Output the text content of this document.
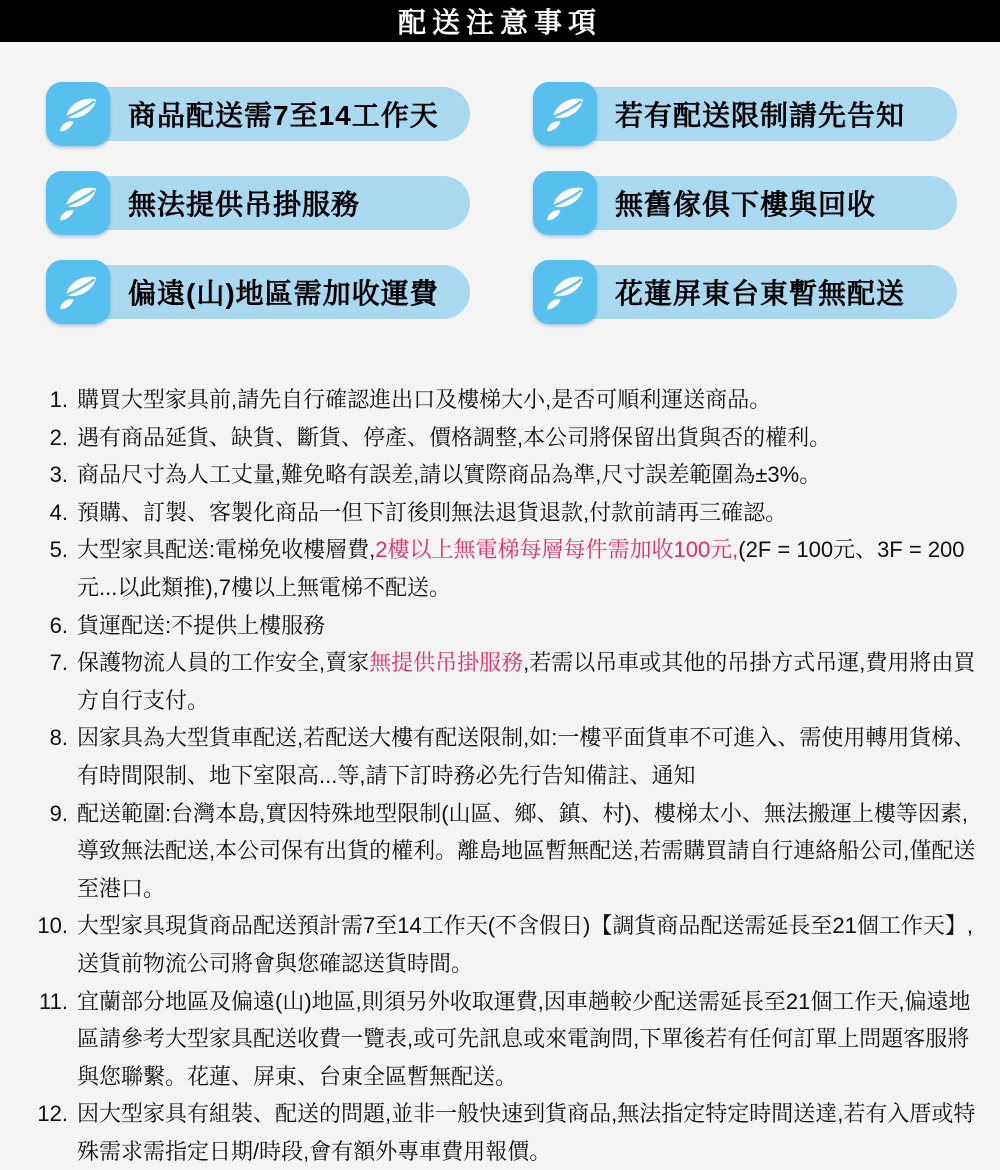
配送注意事項
商品配送需7至14工作天	若有配送限制請先告知
無法提供吊掛服務	無舊傢俱下樓與回收
偏遠(山)地區需加收運費	花蓮屏東台東暫無配送
1. 購買大型家具前,請先自行確認進出口及樓梯大小,是否可順利運送商品。
2. 遇有商品延貨、缺貨、斷貨、停產、價格調整,本公司將保留出貨與否的權利。
3. 商品尺寸為人工丈量,難免略有誤差,請以實際商品為準,尺寸誤差範圍為±3%。
4. 預購、訂製、客製化商品一但下訂後則無法退貨退款,付款前請再三確認。
5. 大型家具配送:電梯免收樓層費,2樓以上無電梯每層每件需加收100元,(2F = 100元、3F = 200元...以此類推),7樓以上無電梯不配送。
6. 貨運配送:不提供上樓服務
7. 保護物流人員的工作安全,賣家無提供吊掛服務,若需以吊車或其他的吊掛方式吊運,費用將由買方自行支付。
8. 因家具為大型貨車配送,若配送大樓有配送限制,如:一樓平面貨車不可進入、需使用轉用貨梯、有時間限制、地下室限高...等,請下訂時務必先行告知備註、通知
9. 配送範圍:台灣本島,實因特殊地型限制(山區、鄉、鎮、村)、樓梯太小、無法搬運上樓等因素,導致無法配送,本公司保有出貨的權利。離島地區暫無配送,若需購買請自行連絡船公司,僅配送至港口。
10. 大型家具現貨商品配送預計需7至14工作天(不含假日)【調貨商品配送需延長至21個工作天】,送貨前物流公司將會與您確認送貨時間。
11. 宜蘭部分地區及偏遠(山)地區,則須另外收取運費,因車趟較少配送需延長至21個工作天,偏遠地區請參考大型家具配送收費一覽表,或可先訊息或來電詢問,下單後若有任何訂單上問題客服將與您聯繫。花蓮、屏東、台東全區暫無配送。
12. 因大型家具有組裝、配送的問題,並非一般快速到貨商品,無法指定特定時間送達,若有入厝或特殊需求需指定日期/時段,會有額外專車費用報價。
